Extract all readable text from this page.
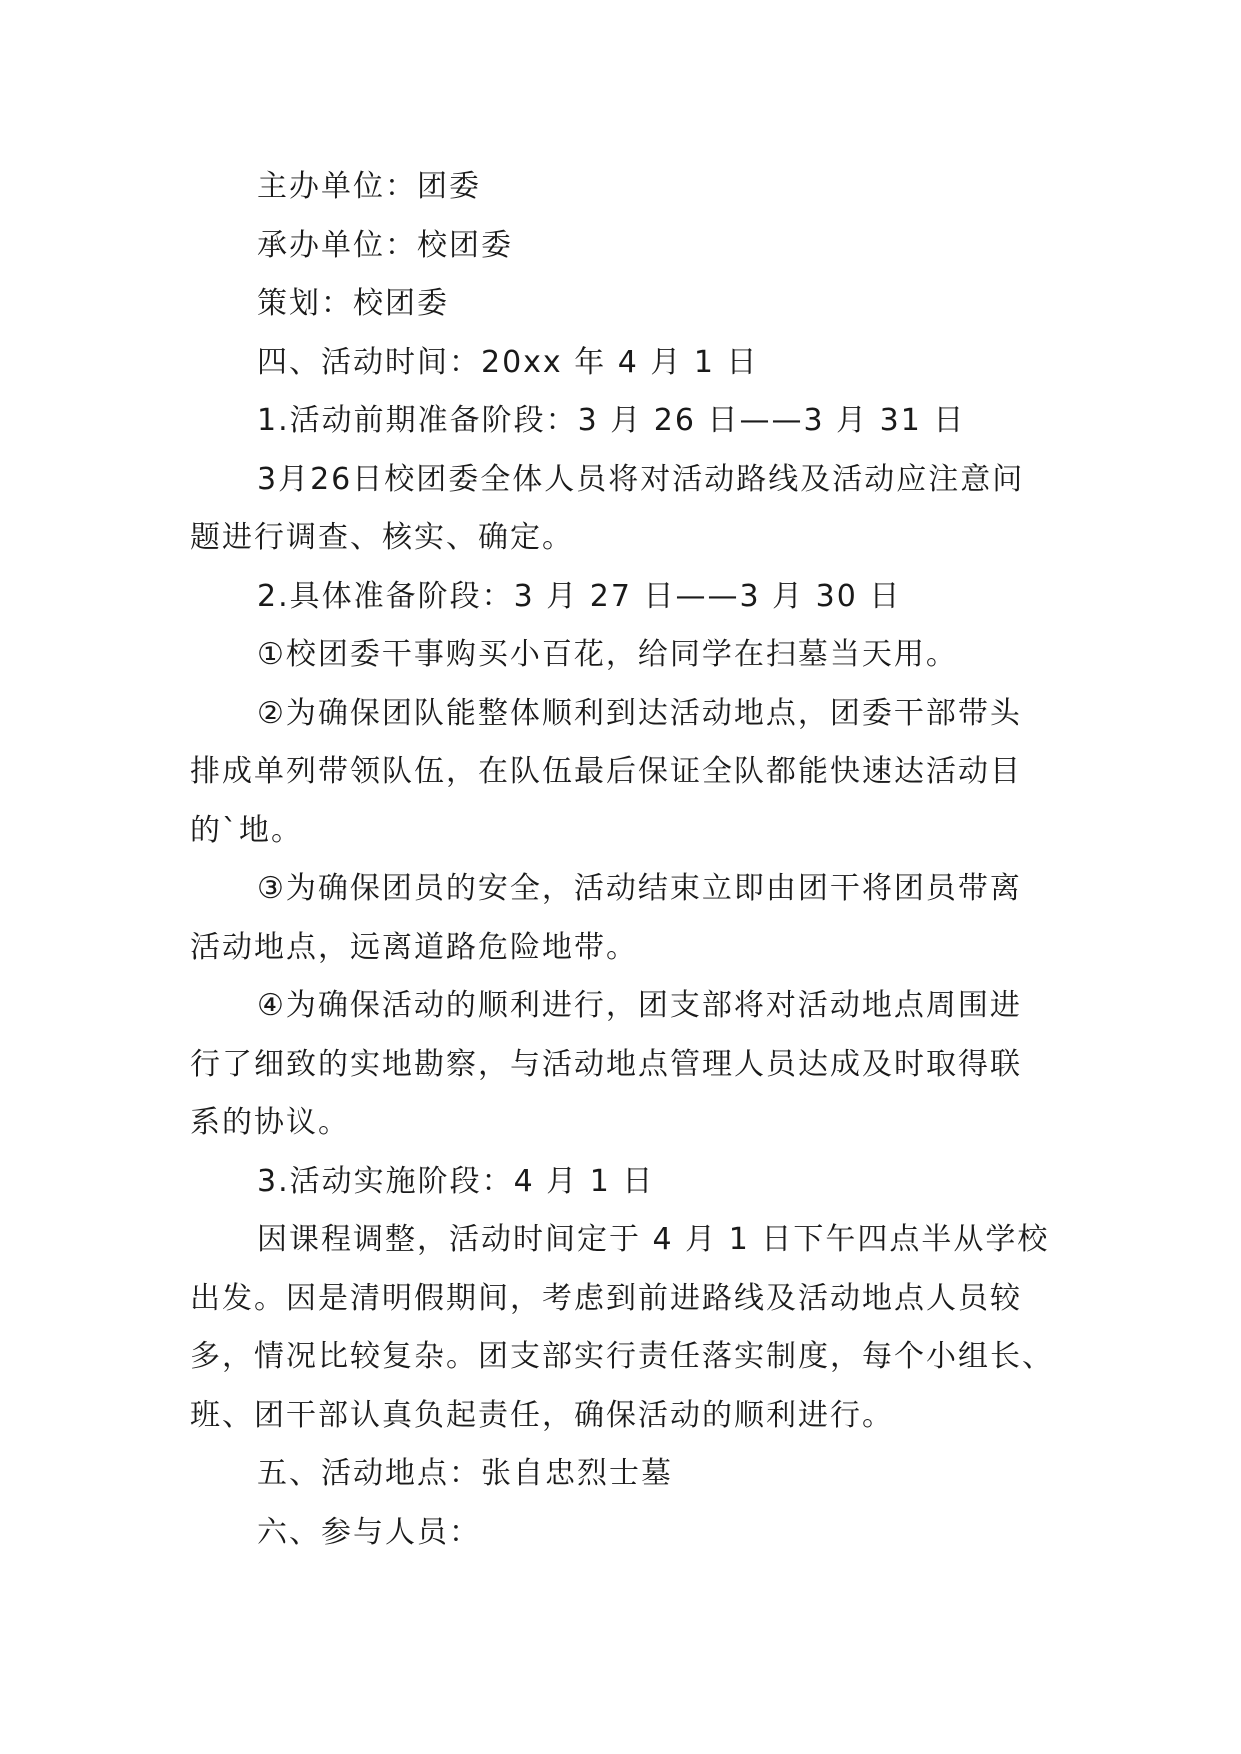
主办单位：团委

承办单位：校团委

策划：校团委

四、活动时间：20xx 年 4 月 1 日

1.活动前期准备阶段：3 月 26 日——3 月 31 日

3月26日校团委全体人员将对活动路线及活动应注意问
题进行调查、核实、确定。

2.具体准备阶段：3 月 27 日——3 月 30 日

①校团委干事购买小百花，给同学在扫墓当天用。

②为确保团队能整体顺利到达活动地点，团委干部带头
排成单列带领队伍，在队伍最后保证全队都能快速达活动目
的`地。

③为确保团员的安全，活动结束立即由团干将团员带离
活动地点，远离道路危险地带。

④为确保活动的顺利进行，团支部将对活动地点周围进
行了细致的实地勘察，与活动地点管理人员达成及时取得联
系的协议。

3.活动实施阶段：4 月 1 日

因课程调整，活动时间定于 4 月 1 日下午四点半从学校
出发。因是清明假期间，考虑到前进路线及活动地点人员较
多，情况比较复杂。团支部实行责任落实制度，每个小组长、
班、团干部认真负起责任，确保活动的顺利进行。

五、活动地点：张自忠烈士墓

六、参与人员：
